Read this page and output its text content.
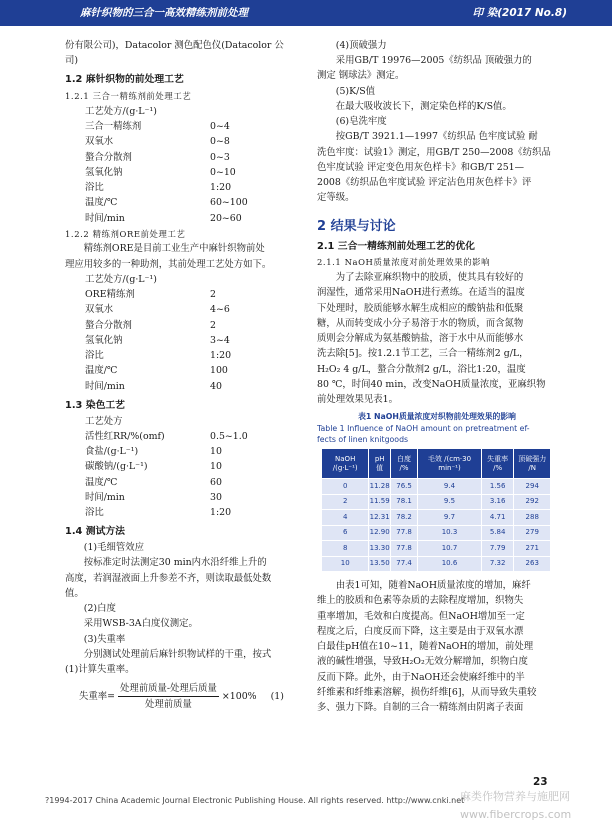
麻针织物的三合一高效精练剂前处理	印 染(2017 No.8)
份有限公司)，Datacolor 测色配色仪(Datacolor 公
司)
1.2 麻针织物的前处理工艺
1.2.1 三合一精练剂前处理工艺
工艺处方/(g·L⁻¹)
三合一精练剂	0~4
双氧水	0~8
螯合分散剂	0~3
氢氧化钠	0~10
浴比	1:20
温度/℃	60~100
时间/min	20~60
1.2.2 精练剂ORE前处理工艺
精练剂ORE是目前工业生产中麻针织物前处
理应用较多的一种助剂，其前处理工艺处方如下。
工艺处方/(g·L⁻¹)
ORE精练剂	2
双氧水	4~6
螯合分散剂	2
氢氧化钠	3~4
浴比	1:20
温度/℃	100
时间/min	40
1.3 染色工艺
工艺处方
活性红RR/%(omf)	0.5~1.0
食盐/(g·L⁻¹)	10
碳酸钠/(g·L⁻¹)	10
温度/℃	60
时间/min	30
浴比	1:20
1.4 测试方法
(1)毛细管效应
按标准定时法测定30 min内水沿纤维上升的
高度，若润湿液面上升参差不齐，则读取最低处数
值。
(2)白度
采用WSB-3A白度仪测定。
(3)失重率
分别测试处理前后麻针织物试样的干重，按式
(1)计算失重率。
失重率= $\frac{\text{处理前质量-处理后质量}}{\text{处理前质量}} \times 100\%$ (1)
(4)顶破强力
采用GB/T 19976—2005《纺织品 顶破强力的
测定 钢球法》测定。
(5)K/S值
在最大吸收波长下，测定染色样的K/S值。
(6)皂洗牢度
按GB/T 3921.1—1997《纺织品 色牢度试验 耐
洗色牢度：试验1》测定，用GB/T 250—2008《纺织品
色牢度试验 评定变色用灰色样卡》和GB/T 251—
2008《纺织品色牢度试验 评定沾色用灰色样卡》评
定等级。
2 结果与讨论
2.1 三合一精练剂前处理工艺的优化
2.1.1 NaOH质量浓度对前处理效果的影响
为了去除亚麻织物中的胶质，使其具有较好的
润湿性，通常采用NaOH进行煮练。在适当的温度
下处理时，胶质能够水解生成相应的酸钠盐和低聚
糖，从而转变成小分子易溶于水的物质，而含氮物
质则会分解成为氨基酸钠盐，溶于水中从而能够水
洗去除[5]。按1.2.1节工艺，三合一精练剂2 g/L，
H₂O₂ 4 g/L，螯合分散剂2 g/L，浴比1:20，温度
80 ℃，时间40 min，改变NaOH质量浓度，亚麻织物
前处理效果见表1。
表1 NaOH质量浓度对织物前处理效果的影响
Table 1 Influence of NaOH amount on pretreatment ef-
fects of linen knitgoods
NaOH /(g·L⁻¹)	pH值	白度 /%	毛效 /(cm·30 min⁻¹)	失重率 /%	顶破强力 /N
0	11.28	76.5	9.4	1.56	294
2	11.59	78.1	9.5	3.16	292
4	12.31	78.2	9.7	4.71	288
6	12.90	77.8	10.3	5.84	279
8	13.30	77.8	10.7	7.79	271
10	13.50	77.4	10.6	7.32	263
由表1可知，随着NaOH质量浓度的增加，麻纤
维上的胶质和色素等杂质的去除程度增加，织物失
重率增加，毛效和白度提高。但NaOH增加至一定
程度之后，白度反而下降，这主要是由于双氧水漂
白最佳pH值在10~11，随着NaOH的增加，前处理
液的碱性增强，导致H₂O₂无效分解增加，织物白度
反而下降。此外，由于NaOH还会使麻纤维中的半
纤维素和纤维素溶解，损伤纤维[6]，从而导致失重较
多、强力下降。自制的三合一精练剂由阴离子表面
23
?1994-2017 China Academic Journal Electronic Publishing House. All rights reserved. http://www.cnki.net
麻类作物营养与施肥网 www.fibercrops.com
